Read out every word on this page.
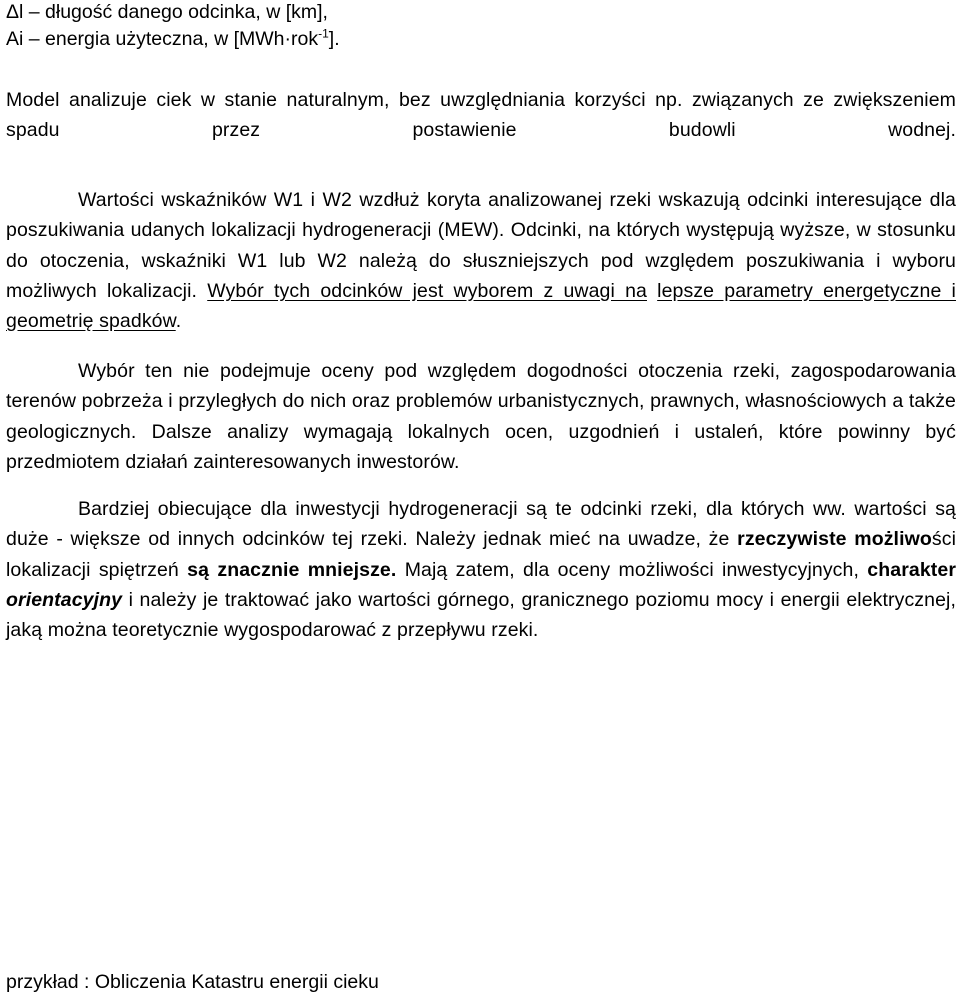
Δl – długość danego odcinka, w [km],
Ai – energia użyteczna, w [MWh·rok$^{-1}$].
Model analizuje ciek w stanie naturalnym, bez uwzględniania korzyści np. związanych ze zwiększeniem spadu przez postawienie budowli wodnej.
Wartości wskaźników W1 i W2 wzdłuż koryta analizowanej rzeki wskazują odcinki interesujące dla poszukiwania udanych lokalizacji hydrogeneracji (MEW). Odcinki, na których występują wyższe, w stosunku do otoczenia, wskaźniki W1 lub W2 należą do słuszniejszych pod względem poszukiwania i wyboru możliwych lokalizacji. Wybór tych odcinków jest wyborem z uwagi na lepsze parametry energetyczne i geometrię spadków.
Wybór ten nie podejmuje oceny pod względem dogodności otoczenia rzeki, zagospodarowania terenów pobrzeża i przyległych do nich oraz problemów urbanistycznych, prawnych, własnościowych a także geologicznych. Dalsze analizy wymagają lokalnych ocen, uzgodnień i ustaleń, które powinny być przedmiotem działań zainteresowanych inwestorów.
Bardziej obiecujące dla inwestycji hydrogeneracji są te odcinki rzeki, dla których ww. wartości są duże - większe od innych odcinków tej rzeki. Należy jednak mieć na uwadze, że rzeczywiste możliwości lokalizacji spiętrzeń są znacznie mniejsze. Mają zatem, dla oceny możliwości inwestycyjnych, charakter orientacyjny i należy je traktować jako wartości górnego, granicznego poziomu mocy i energii elektrycznej, jaką można teoretycznie wygospodarować z przepływu rzeki.
przykład : Obliczenia Katastru energii cieku
